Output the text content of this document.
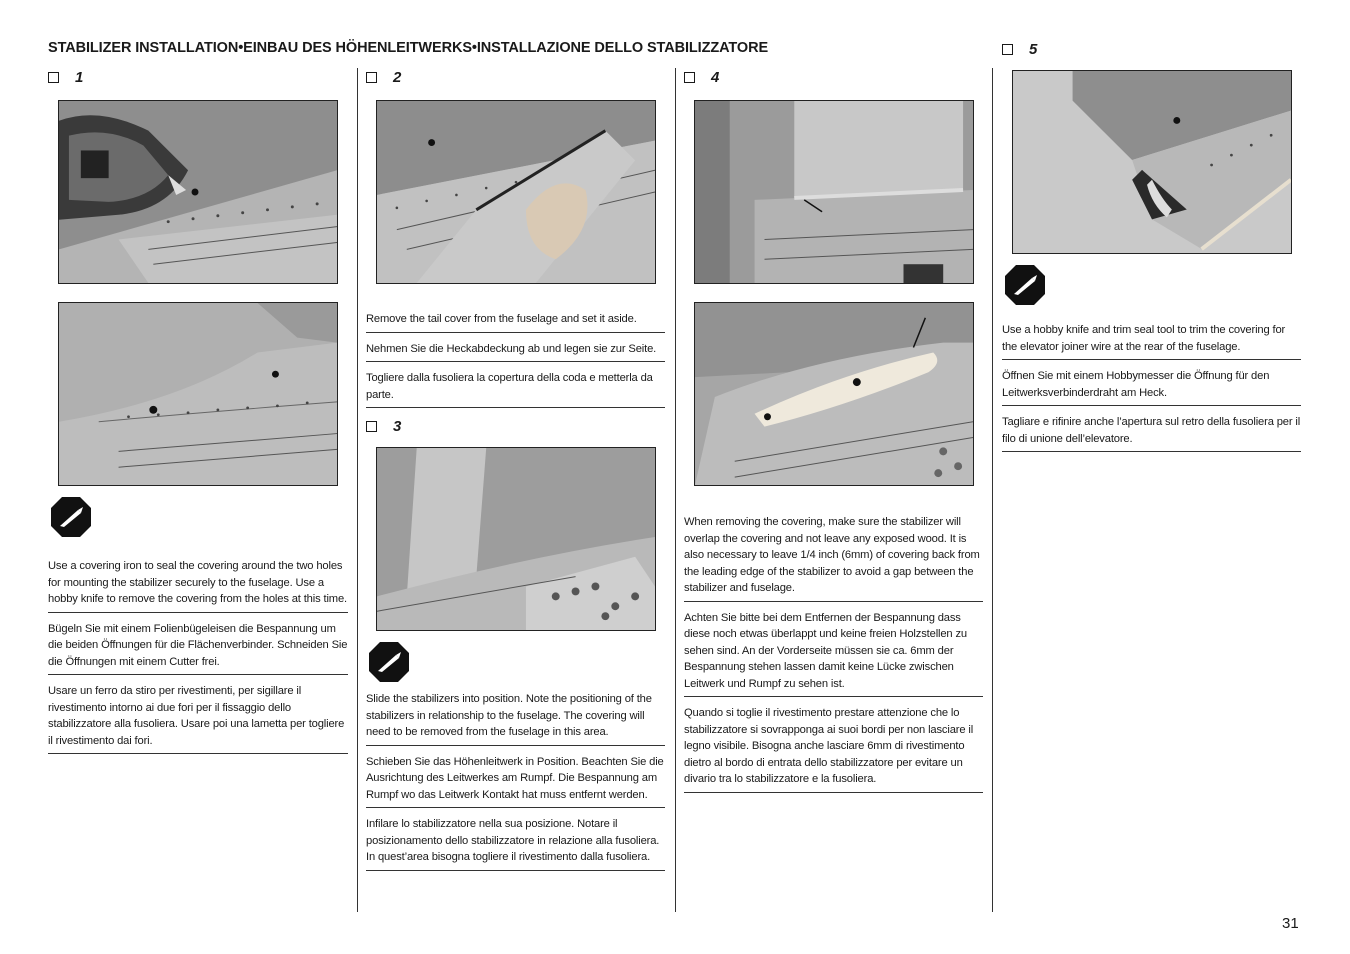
STABILIZER INSTALLATION•EINBAU DES HÖHENLEITWERKS•INSTALLAZIONE DELLO STABILIZZATORE
1
Use a covering iron to seal the covering around the two holes for mounting the stabilizer securely to the fuselage. Use a hobby knife to remove the covering from the holes at this time.
Bügeln Sie mit einem Folienbügeleisen die Bespannung um die beiden Öffnungen für die Flächenverbinder. Schneiden Sie die Öffnungen mit einem Cutter frei.
Usare un ferro da stiro per rivestimenti, per sigillare il rivestimento intorno ai due fori per il fissaggio dello stabilizzatore alla fusoliera. Usare poi una lametta per togliere il rivestimento dai fori.
2
Remove the tail cover from the fuselage and set it aside.
Nehmen Sie die Heckabdeckung ab und legen sie zur Seite.
Togliere dalla fusoliera la copertura della coda e metterla da parte.
3
Slide the stabilizers into position. Note the positioning of the stabilizers in relationship to the fuselage. The covering will need to be removed from the fuselage in this area.
Schieben Sie das Höhenleitwerk in Position. Beachten Sie die Ausrichtung des Leitwerkes am Rumpf. Die Bespannung am Rumpf wo das Leitwerk Kontakt hat muss entfernt werden.
Infilare lo stabilizzatore nella sua posizione. Notare il posizionamento dello stabilizzatore in relazione alla fusoliera. In quest’area bisogna togliere il rivestimento dalla fusoliera.
4
When removing the covering, make sure the stabilizer will overlap the covering and not leave any exposed wood. It is also necessary to leave 1/4 inch (6mm) of covering back from the leading edge of the stabilizer to avoid a gap between the stabilizer and fuselage.
Achten Sie bitte bei dem Entfernen der Bespannung dass diese noch etwas überlappt und keine freien Holzstellen zu sehen sind. An der Vorderseite müssen sie ca. 6mm der Bespannung stehen lassen damit keine Lücke zwischen Leitwerk und Rumpf zu sehen ist.
Quando si toglie il rivestimento prestare attenzione che lo stabilizzatore si sovrapponga ai suoi bordi per non lasciare il legno visibile. Bisogna anche lasciare 6mm di rivestimento dietro al bordo di entrata dello stabilizzatore per evitare un divario tra lo stabilizzatore e la fusoliera.
5
Use a hobby knife and trim seal tool to trim the covering for the elevator joiner wire at the rear of the fuselage.
Öffnen Sie mit einem Hobbymesser die Öffnung für den Leitwerksverbinderdraht am Heck.
Tagliare e rifinire anche l’apertura sul retro della fusoliera per il filo di unione dell’elevatore.
31
